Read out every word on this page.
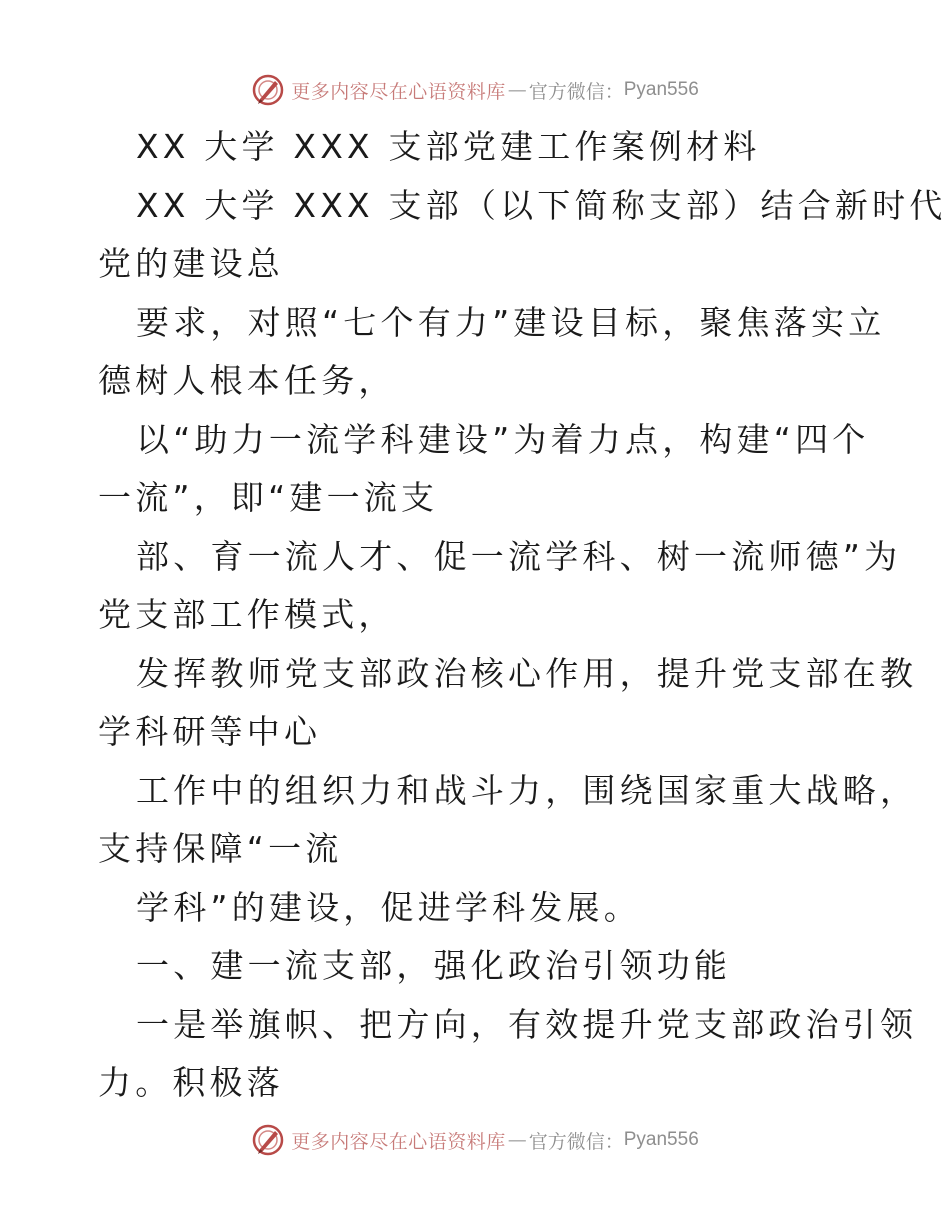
更多内容尽在心语资料库 — 官方微信： Pyan556
XX 大学 XXX 支部党建工作案例材料
XX 大学 XXX 支部（以下简称支部）结合新时代
党的建设总
要求，对照“七个有力”建设目标，聚焦落实立
德树人根本任务，
以“助力一流学科建设”为着力点，构建“四个
一流”，即“建一流支
部、育一流人才、促一流学科、树一流师德”为
党支部工作模式，
发挥教师党支部政治核心作用，提升党支部在教
学科研等中心
工作中的组织力和战斗力，围绕国家重大战略，
支持保障“一流
学科”的建设，促进学科发展。
一、建一流支部，强化政治引领功能
一是举旗帜、把方向，有效提升党支部政治引领
力。积极落
更多内容尽在心语资料库 — 官方微信： Pyan556
